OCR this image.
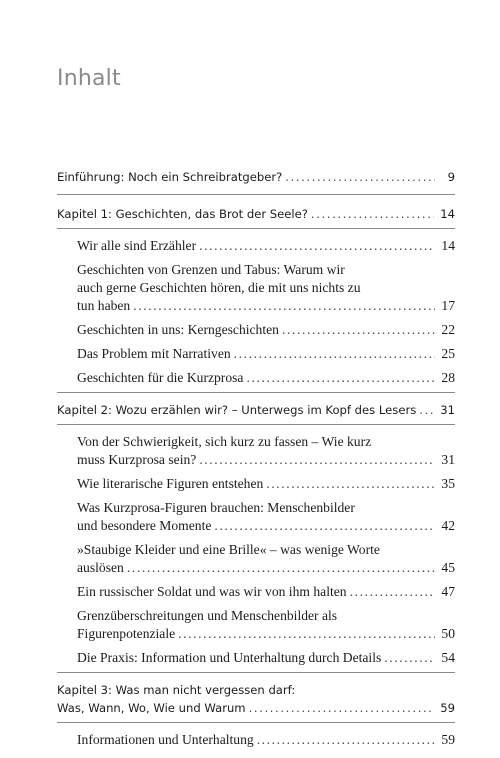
Inhalt
Einführung: Noch ein Schreibratgeber? .....	9
Kapitel 1: Geschichten, das Brot der Seele? .....	14
Wir alle sind Erzähler .....	14
Geschichten von Grenzen und Tabus: Warum wir
auch gerne Geschichten hören, die mit uns nichts zu
tun haben .....	17
Geschichten in uns: Kerngeschichten .....	22
Das Problem mit Narrativen .....	25
Geschichten für die Kurzprosa .....	28
Kapitel 2: Wozu erzählen wir? – Unterwegs im Kopf des Lesers ..... 31
Von der Schwierigkeit, sich kurz zu fassen – Wie kurz
muss Kurzprosa sein? .....	31
Wie literarische Figuren entstehen .....	35
Was Kurzprosa-Figuren brauchen: Menschenbilder
und besondere Momente .....	42
»Staubige Kleider und eine Brille« – was wenige Worte
auslösen .....	45
Ein russischer Soldat und was wir von ihm halten .....	47
Grenzüberschreitungen und Menschenbilder als
Figurenpotenziale .....	50
Die Praxis: Information und Unterhaltung durch Details .....	54
Kapitel 3: Was man nicht vergessen darf:
Was, Wann, Wo, Wie und Warum .....	59
Informationen und Unterhaltung .....	59
